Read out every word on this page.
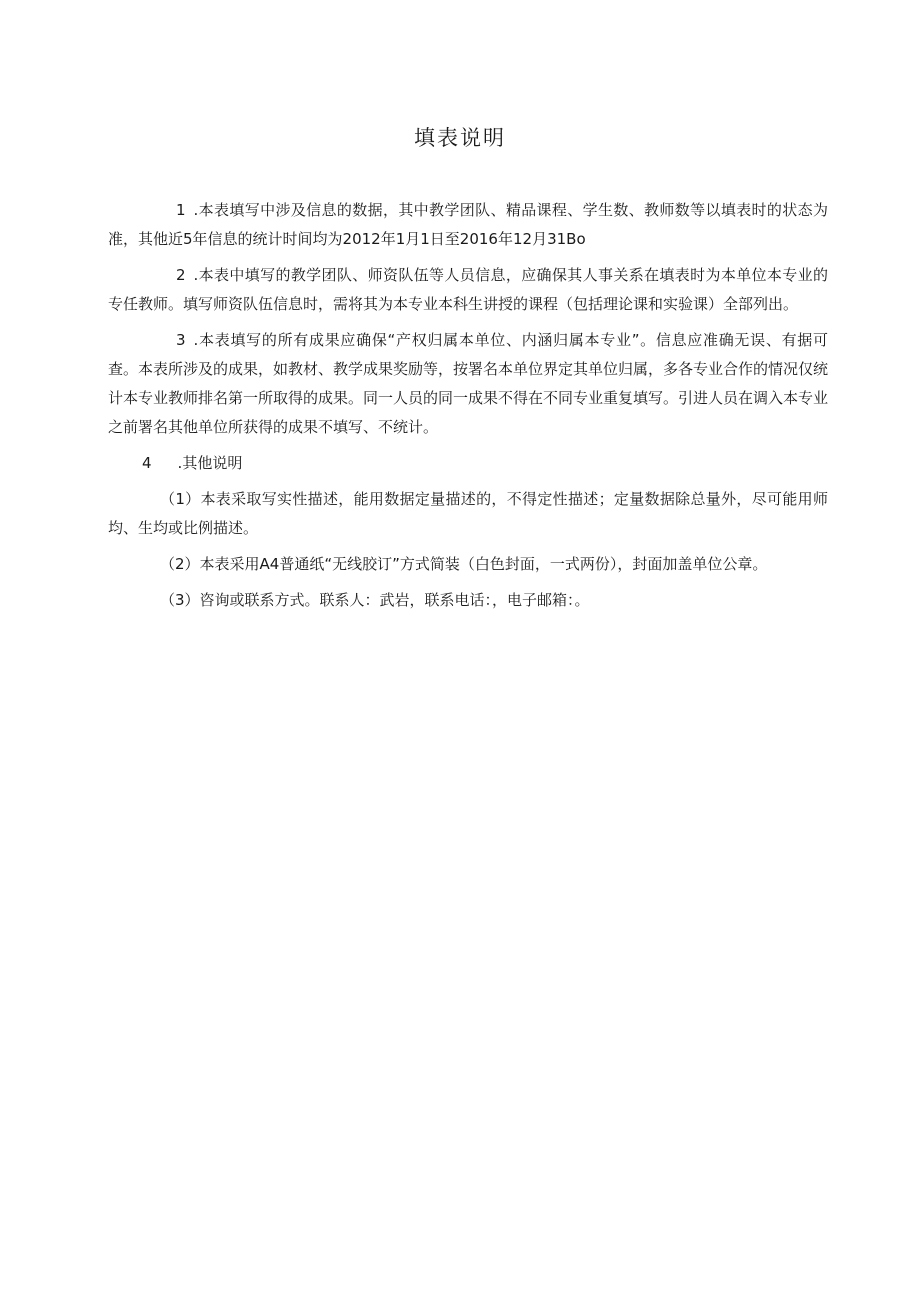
填表说明

1 .本表填写中涉及信息的数据，其中教学团队、精品课程、学生数、教师数等以填表时的状态为准，其他近5年信息的统计时间均为2012年1月1日至2016年12月31Bo

2 .本表中填写的教学团队、师资队伍等人员信息，应确保其人事关系在填表时为本单位本专业的专任教师。填写师资队伍信息时，需将其为本专业本科生讲授的课程（包括理论课和实验课）全部列出。

3 .本表填写的所有成果应确保“产权归属本单位、内涵归属本专业”。信息应准确无误、有据可查。本表所涉及的成果，如教材、教学成果奖励等，按署名本单位界定其单位归属，多各专业合作的情况仅统计本专业教师排名第一所取得的成果。同一人员的同一成果不得在不同专业重复填写。引进人员在调入本专业之前署名其他单位所获得的成果不填写、不统计。

4 .其他说明

（1）本表采取写实性描述，能用数据定量描述的，不得定性描述；定量数据除总量外，尽可能用师均、生均或比例描述。

（2）本表采用A4普通纸“无线胶订”方式简装（白色封面，一式两份），封面加盖单位公章。

（3）咨询或联系方式。联系人：武岩，联系电话：，电子邮箱：。
